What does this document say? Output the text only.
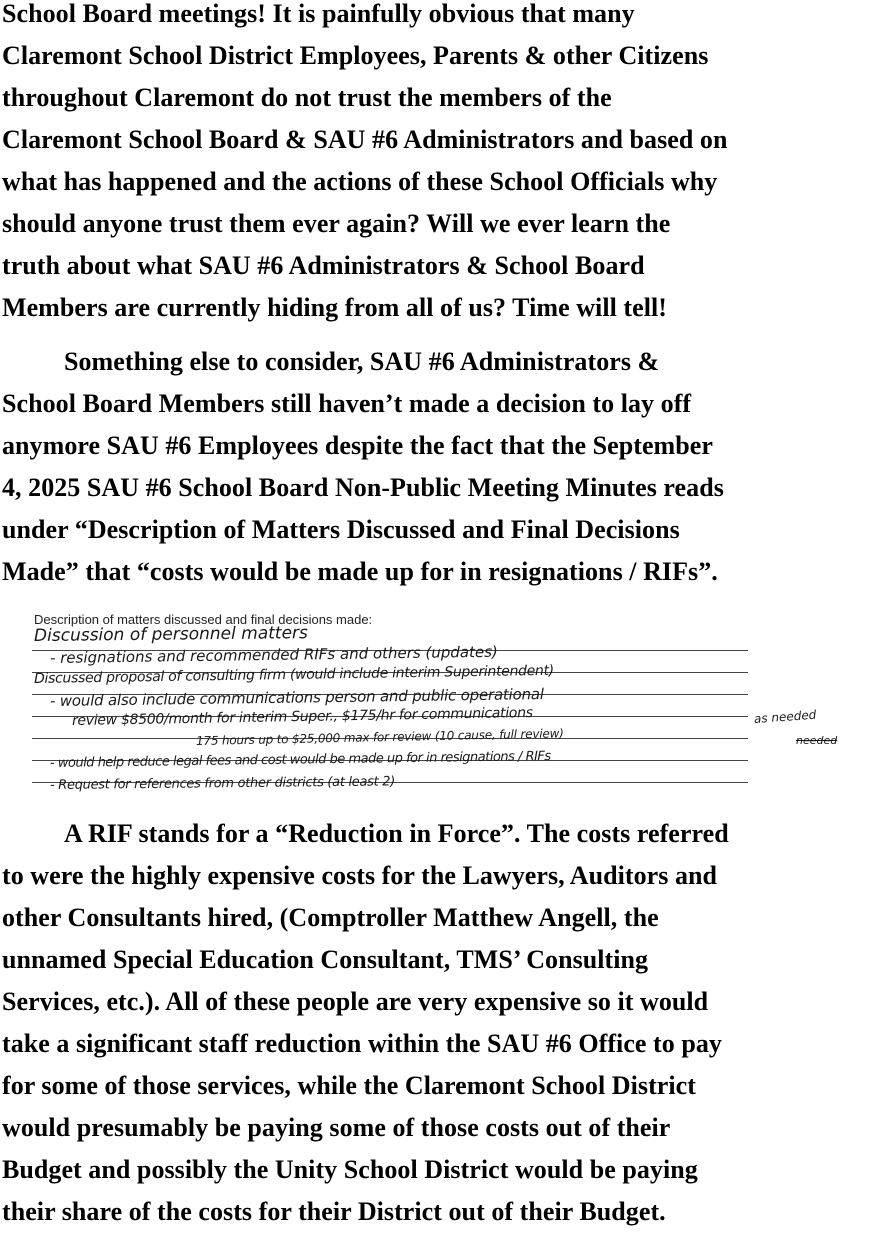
School Board meetings! It is painfully obvious that many
Claremont School District Employees, Parents & other Citizens
throughout Claremont do not trust the members of the
Claremont School Board & SAU #6 Administrators and based on
what has happened and the actions of these School Officials why
should anyone trust them ever again? Will we ever learn the
truth about what SAU #6 Administrators & School Board
Members are currently hiding from all of us? Time will tell!
Something else to consider, SAU #6 Administrators &
School Board Members still haven’t made a decision to lay off
anymore SAU #6 Employees despite the fact that the September
4, 2025 SAU #6 School Board Non-Public Meeting Minutes reads
under “Description of Matters Discussed and Final Decisions
Made” that “costs would be made up for in resignations / RIFs”.
Description of matters discussed and final decisions made:
Discussion of personnel matters
- resignations and recommended RIFs and others (updates)
Discussed proposal of consulting firm (would include interim Superintendent)
- would also include communications person and public operational
review $8500/month for interim Super., $175/hr for communications
175 hours up to $25,000 max for review (10 cause, full review)
- would help reduce legal fees and cost would be made up for in resignations / RIFs
- Request for references from other districts (at least 2)
as needed
needed
A RIF stands for a “Reduction in Force”. The costs referred
to were the highly expensive costs for the Lawyers, Auditors and
other Consultants hired, (Comptroller Matthew Angell, the
unnamed Special Education Consultant, TMS’ Consulting
Services, etc.). All of these people are very expensive so it would
take a significant staff reduction within the SAU #6 Office to pay
for some of those services, while the Claremont School District
would presumably be paying some of those costs out of their
Budget and possibly the Unity School District would be paying
their share of the costs for their District out of their Budget.
